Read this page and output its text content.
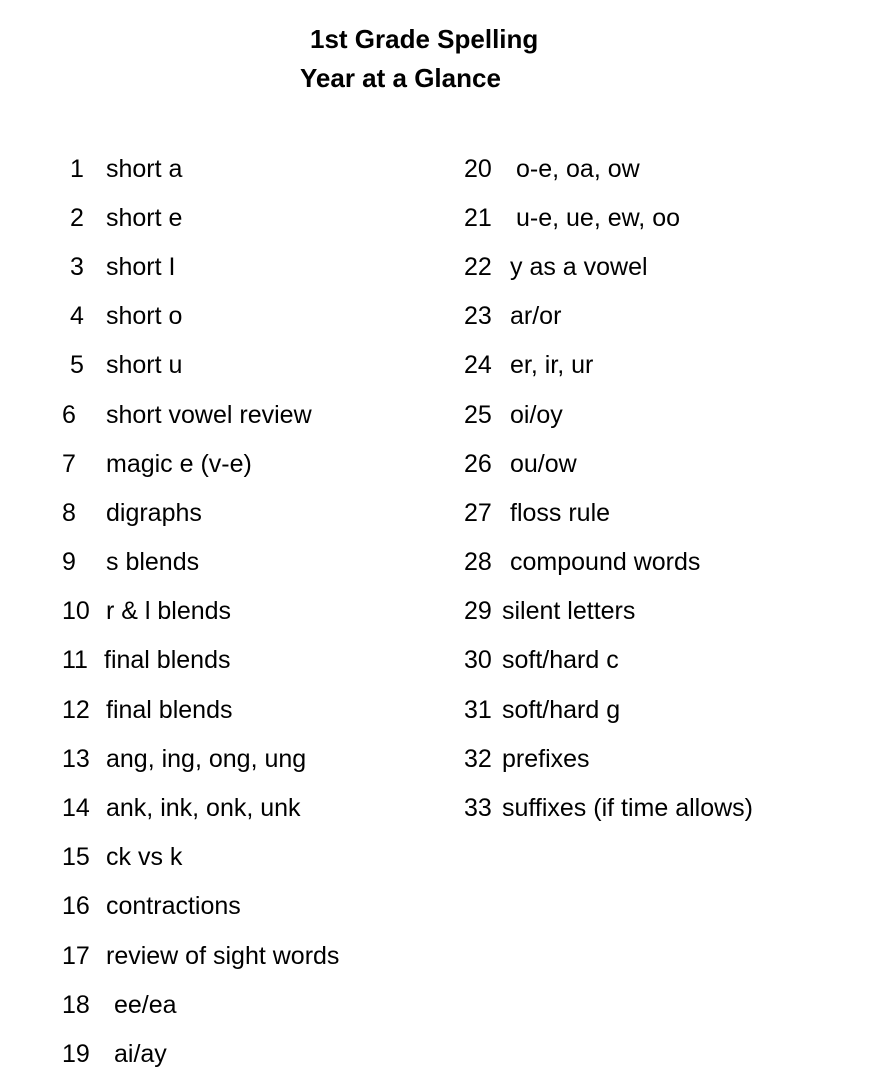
1st Grade Spelling
Year at a Glance
1 short a
2 short e
3 short I
4 short o
5 short u
6	short vowel review
7	magic e (v-e)
8	digraphs
9	s blends
10 r & l blends
11 final blends
12 final blends
13 ang, ing, ong, ung
14 ank, ink, onk, unk
15 ck vs k
16 contractions
17 review of sight words
18 ee/ea
19 ai/ay
20 o-e, oa, ow
21 u-e, ue, ew, oo
22 y as a vowel
23 ar/or
24 er, ir, ur
25 oi/oy
26 ou/ow
27 floss rule
28 compound words
29 silent letters
30 soft/hard c
31 soft/hard g
32 prefixes
33 suffixes (if time allows)
